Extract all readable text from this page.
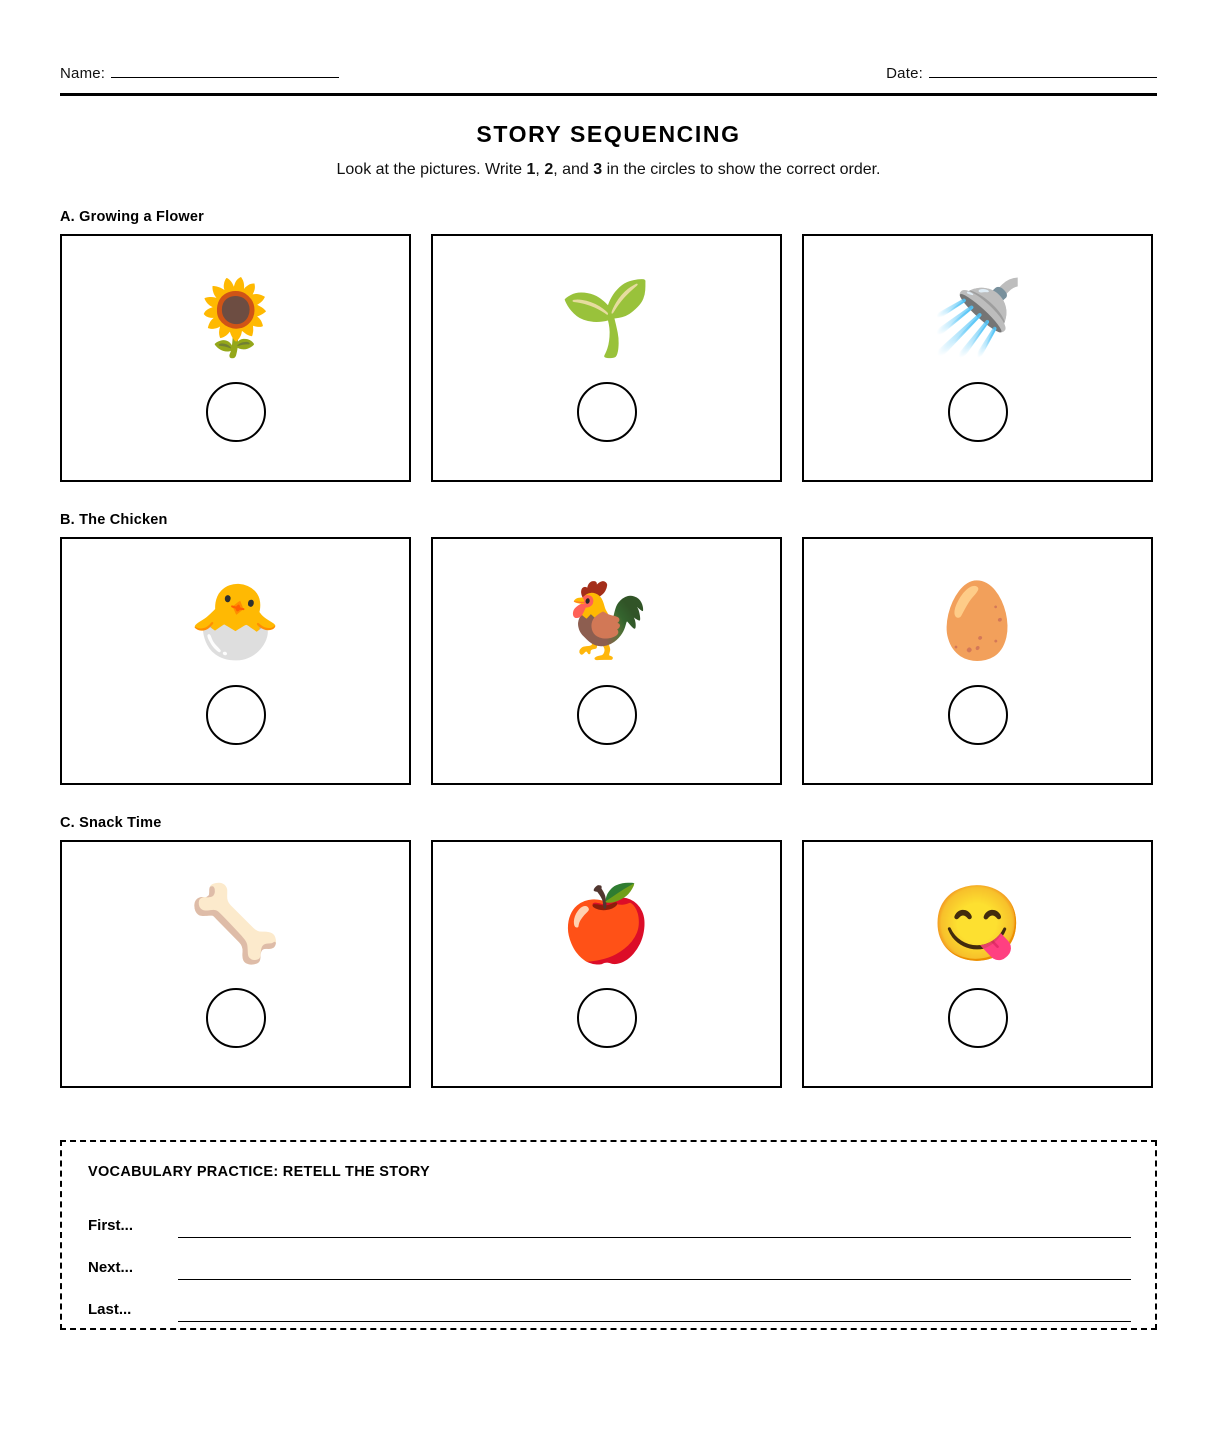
Name:	Date:
STORY SEQUENCING
Look at the pictures. Write 1, 2, and 3 in the circles to show the correct order.
A. Growing a Flower
🌻	🌱	🚿
B. The Chicken
🐣	🐓	🥚
C. Snack Time
🦴	🍎	😋
VOCABULARY PRACTICE: RETELL THE STORY
First...
Next...
Last...
